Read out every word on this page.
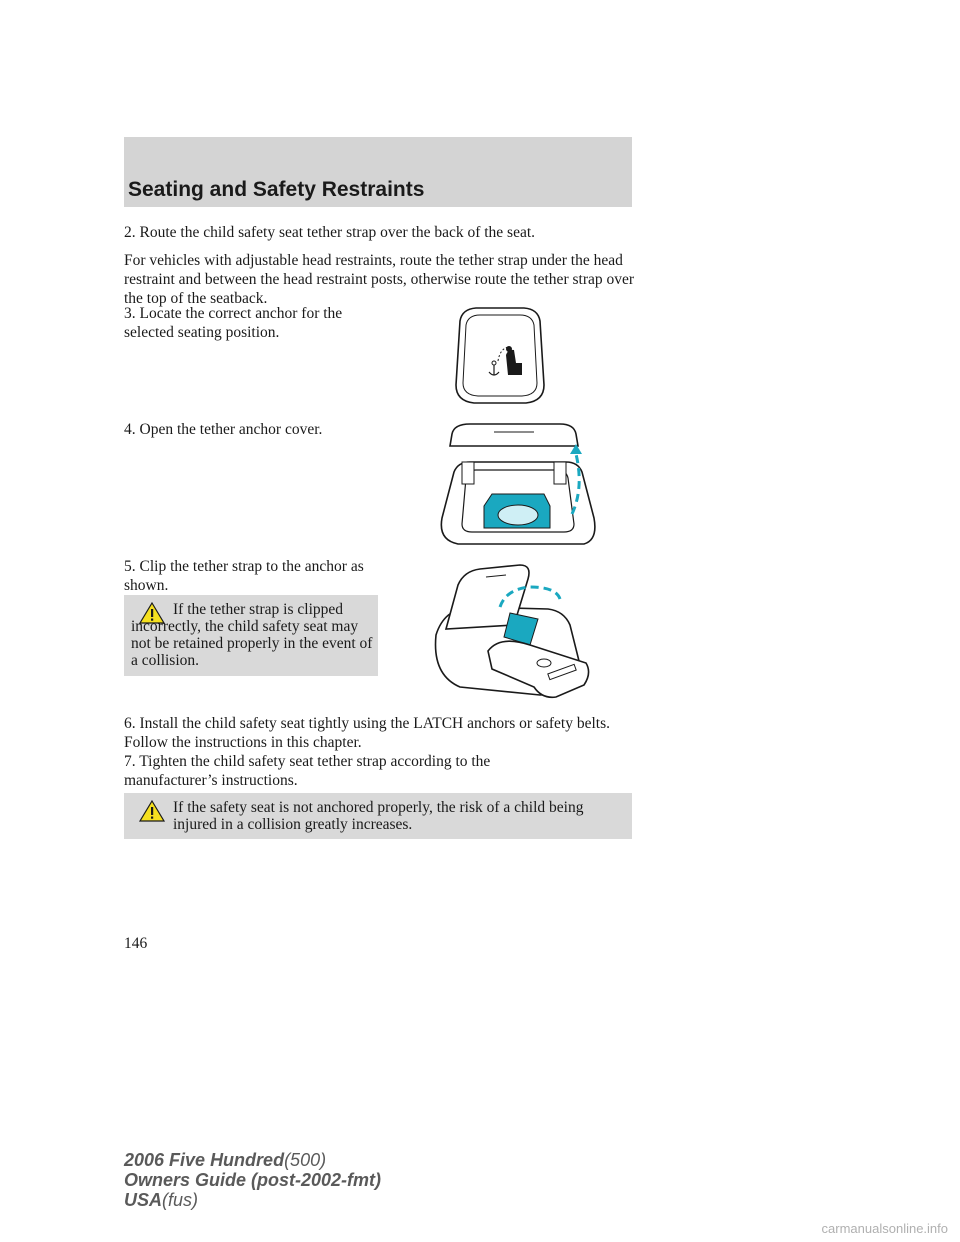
Seating and Safety Restraints

2. Route the child safety seat tether strap over the back of the seat.

For vehicles with adjustable head restraints, route the tether strap under the head restraint and between the head restraint posts, otherwise route the tether strap over the top of the seatback.

3. Locate the correct anchor for the selected seating position.

4. Open the tether anchor cover.

5. Clip the tether strap to the anchor as shown.

If the tether strap is clipped incorrectly, the child safety seat may not be retained properly in the event of a collision.

6. Install the child safety seat tightly using the LATCH anchors or safety belts. Follow the instructions in this chapter.

7. Tighten the child safety seat tether strap according to the manufacturer’s instructions.

If the safety seat is not anchored properly, the risk of a child being injured in a collision greatly increases.

146
2006 Five Hundred(500)
Owners Guide (post-2002-fmt)
USA(fus)
carmanualsonline.info
